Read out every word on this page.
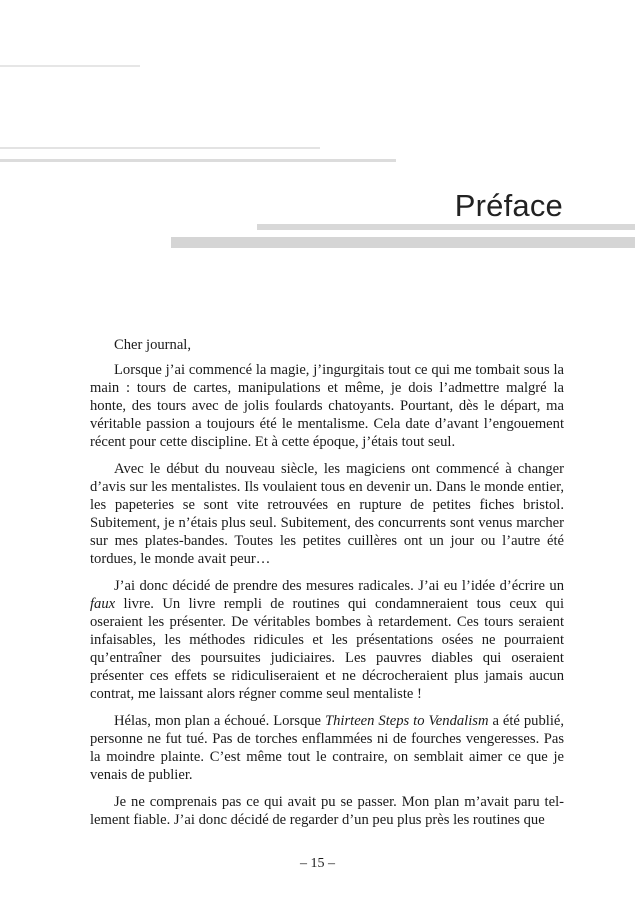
Préface

Cher journal,

Lorsque j’ai commencé la magie, j’ingurgitais tout ce qui me tombait sous la main : tours de cartes, manipulations et même, je dois l’admettre malgré la honte, des tours avec de jolis foulards chatoyants. Pourtant, dès le départ, ma véritable passion a toujours été le mentalisme. Cela date d’avant l’engouement récent pour cette discipline. Et à cette époque, j’étais tout seul.

Avec le début du nouveau siècle, les magiciens ont commencé à changer d’avis sur les mentalistes. Ils voulaient tous en devenir un. Dans le monde entier, les papeteries se sont vite retrouvées en rupture de petites fiches bristol. Subitement, je n’étais plus seul. Subitement, des concurrents sont venus marcher sur mes plates-bandes. Toutes les petites cuillères ont un jour ou l’autre été tordues, le monde avait peur…

J’ai donc décidé de prendre des mesures radicales. J’ai eu l’idée d’écrire un faux livre. Un livre rempli de routines qui condamneraient tous ceux qui oseraient les présenter. De véritables bombes à retardement. Ces tours seraient infaisables, les méthodes ridicules et les présentations osées ne pourraient qu’entraîner des poursuites judiciaires. Les pauvres diables qui oseraient présenter ces effets se ridiculiseraient et ne décrocheraient plus jamais aucun contrat, me laissant alors régner comme seul mentaliste !

Hélas, mon plan a échoué. Lorsque Thirteen Steps to Vendalism a été publié, personne ne fut tué. Pas de torches enflammées ni de fourches vengeresses. Pas la moindre plainte. C’est même tout le contraire, on semblait aimer ce que je venais de publier.

Je ne comprenais pas ce qui avait pu se passer. Mon plan m’avait paru tellement fiable. J’ai donc décidé de regarder d’un peu plus près les routines que

– 15 –
